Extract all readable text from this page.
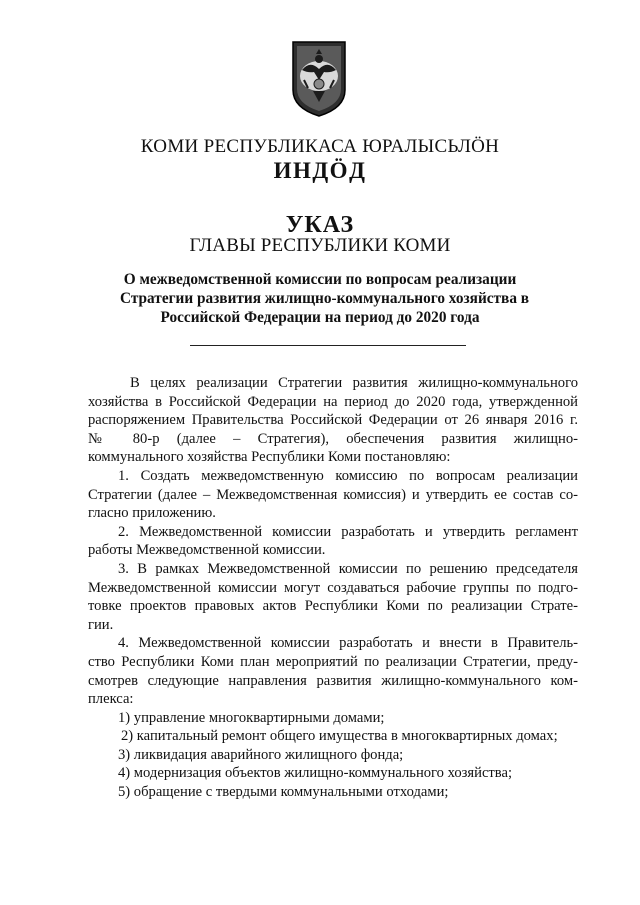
КОМИ РЕСПУБЛИКАСА ЮРАЛЫСЬЛÖН
ИНДÖД
УКАЗ
ГЛАВЫ РЕСПУБЛИКИ КОМИ
О межведомственной комиссии по вопросам реализации
Стратегии развития жилищно-коммунального хозяйства в
Российской Федерации на период до 2020 года
В целях реализации Стратегии развития жилищно-коммунального
хозяйства в Российской Федерации на период до 2020 года, утвержденной
распоряжением Правительства Российской Федерации от 26 января 2016 г.
№ 80-р (далее – Стратегия), обеспечения развития жилищно-
коммунального хозяйства Республики Коми постановляю:
1. Создать межведомственную комиссию по вопросам реализации
Стратегии (далее – Межведомственная комиссия) и утвердить ее состав со-
гласно приложению.
2. Межведомственной комиссии разработать и утвердить регламент
работы Межведомственной комиссии.
3. В рамках Межведомственной комиссии по решению председателя
Межведомственной комиссии могут создаваться рабочие группы по подго-
товке проектов правовых актов Республики Коми по реализации Страте-
гии.
4. Межведомственной комиссии разработать и внести в Правитель-
ство Республики Коми план мероприятий по реализации Стратегии, преду-
смотрев следующие направления развития жилищно-коммунального ком-
плекса:
1) управление многоквартирными домами;
2) капитальный ремонт общего имущества в многоквартирных домах;
3) ликвидация аварийного жилищного фонда;
4) модернизация объектов жилищно-коммунального хозяйства;
5) обращение с твердыми коммунальными отходами;
